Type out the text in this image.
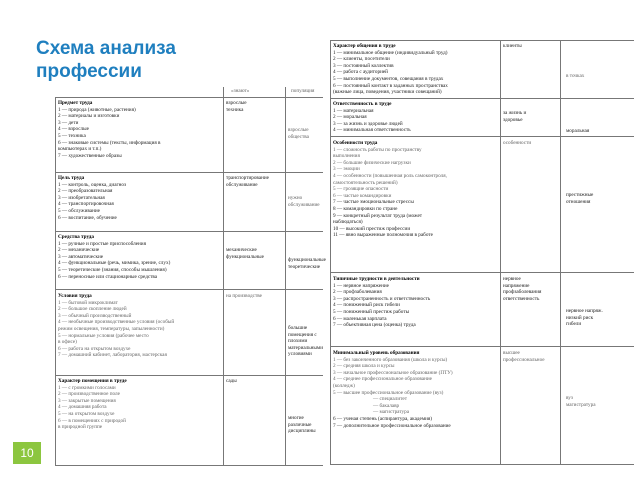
Схема анализа профессии
«знают»	популяция
Предмет труда
1 — природа (животные, растения)
2 — материалы и изготовки
3 — дети
4 — взрослые
5 — техника
6 — знаковые системы (тексты, информация в
компьютерах и т.п.)
7 — художественные образы
взрослые
техника
взрослые
общества
Цель труда
1 — контроль, оценка, диагноз
2 — преобразовательная
3 — изобретательная
4 — транспортировочная
5 — обслуживание
6 — воспитание, обучение
транспортирование
обслуживание
нужно
обслуживание
Средства труда
1 — ручные и простые приспособления
2 — механические
3 — автоматические
4 — функциональные (речь, мимика, зрение, слух)
5 — теоретические (знания, способы мышления)
6 — переносные или стационарные средства
механические
функциональные
функциональные
теоретические
Условия труда
1 — бытовой микроклимат
2 — большое скопление людей
3 — обычный производственный
4 — необычные производственные условия (особый
режим освещения, температуры, запыленности)
5 — нормальные условия (рабочее место
в офисе)
6 — работа на открытом воздухе
7 — домашний кабинет, лаборатория, мастерская
на производстве
большие
помещения с
плохими
материальными
условиями
Характер помещения в труде
1 — с громкими голосами
2 — производственное поле
3 — закрытые помещения
4 — домашняя работа
5 — на открытом воздухе
6 — в помещениях с природой
в природной группе
сады
многие
различные
дисциплины
Характер общения в труде
1 — минимальное общение (индивидуальный труд)
2 — клиенты, посетители
3 — постоянный коллектив
4 — работа с аудиторией
5 — выполнение документов, совещания в трудах
6 — постоянный контакт в заданных пространствах
(важные лица, поведения, участники совещаний)
клиенты
в точках
Ответственность в труде
1 — материальная
2 — моральная
3 — за жизнь и здоровье людей
4 — минимальная ответственность
за жизнь и
здоровье
моральная
Особенности труда
1 — сложность работы по пространству
выполнения
2 — большие физические нагрузки
3 — эмоции
4 — особенности (повышенная роль самоконтроля,
самостоятельность решений)
5 — грозящие опасности
6 — частые командировки
7 — частые эмоциональные стрессы
8 — командировки по стране
9 — конкретный результат труда (может
наблюдаться)
10 — высокий престиж профессии
11 — явно выраженные полномочия в работе
особенности
престижные
отношения
Типичные трудности в деятельности
1 — нервное напряжение
2 — профзаболевания
3 — распространенность и ответственность
4 — пониженный риск гибели
5 — пониженный престиж работы
6 — маленькая зарплата
7 — объективная цена (оценка) труда
нервное
напряжение
профзаболевания
ответственность
нервное напряж.
низкий риск
гибели
Минимальный уровень образования
1 — без законченного образования (школа и курсы)
2 — средняя школа и курсы
3 — начальное профессиональное образование (ПТУ)
4 — среднее профессиональное образование
(колледж)
5 — высшее профессиональное образование (вуз)
— специалитет
— бакалавр
— магистратура
6 — ученая степень (аспирантура, академия)
7 — дополнительное профессиональное образование
высшее
профессиональное
вуз
магистратура
10
